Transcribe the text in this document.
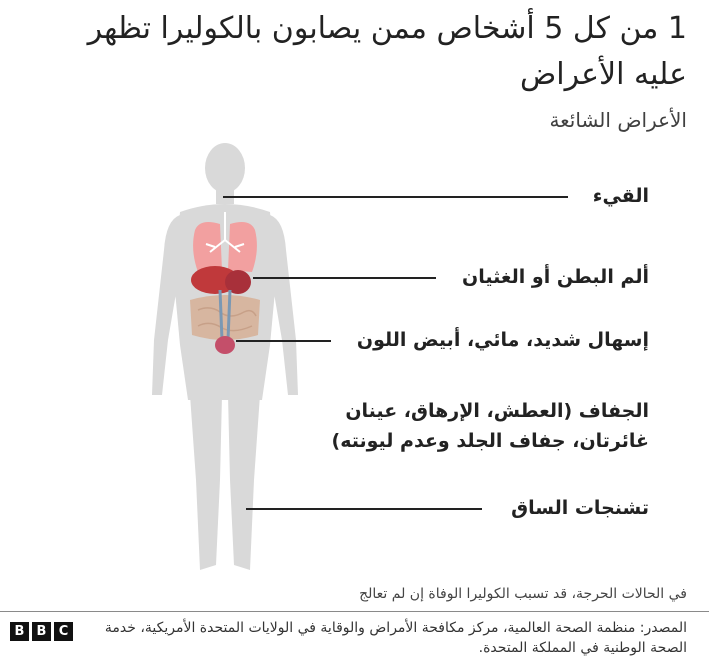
1 من كل 5 أشخاص ممن يصابون بالكوليرا تظهر عليه الأعراض
الأعراض الشائعة
القيء
ألم البطن أو الغثيان
إسهال شديد، مائي، أبيض اللون
الجفاف (العطش، الإرهاق، عينان غائرتان، جفاف الجلد وعدم ليونته)
تشنجات الساق
في الحالات الحرجة، قد تسبب الكوليرا الوفاة إن لم تعالج
B B C	المصدر: منظمة الصحة العالمية، مركز مكافحة الأمراض والوقاية في الولايات المتحدة الأمريكية، خدمة الصحة الوطنية في المملكة المتحدة.
